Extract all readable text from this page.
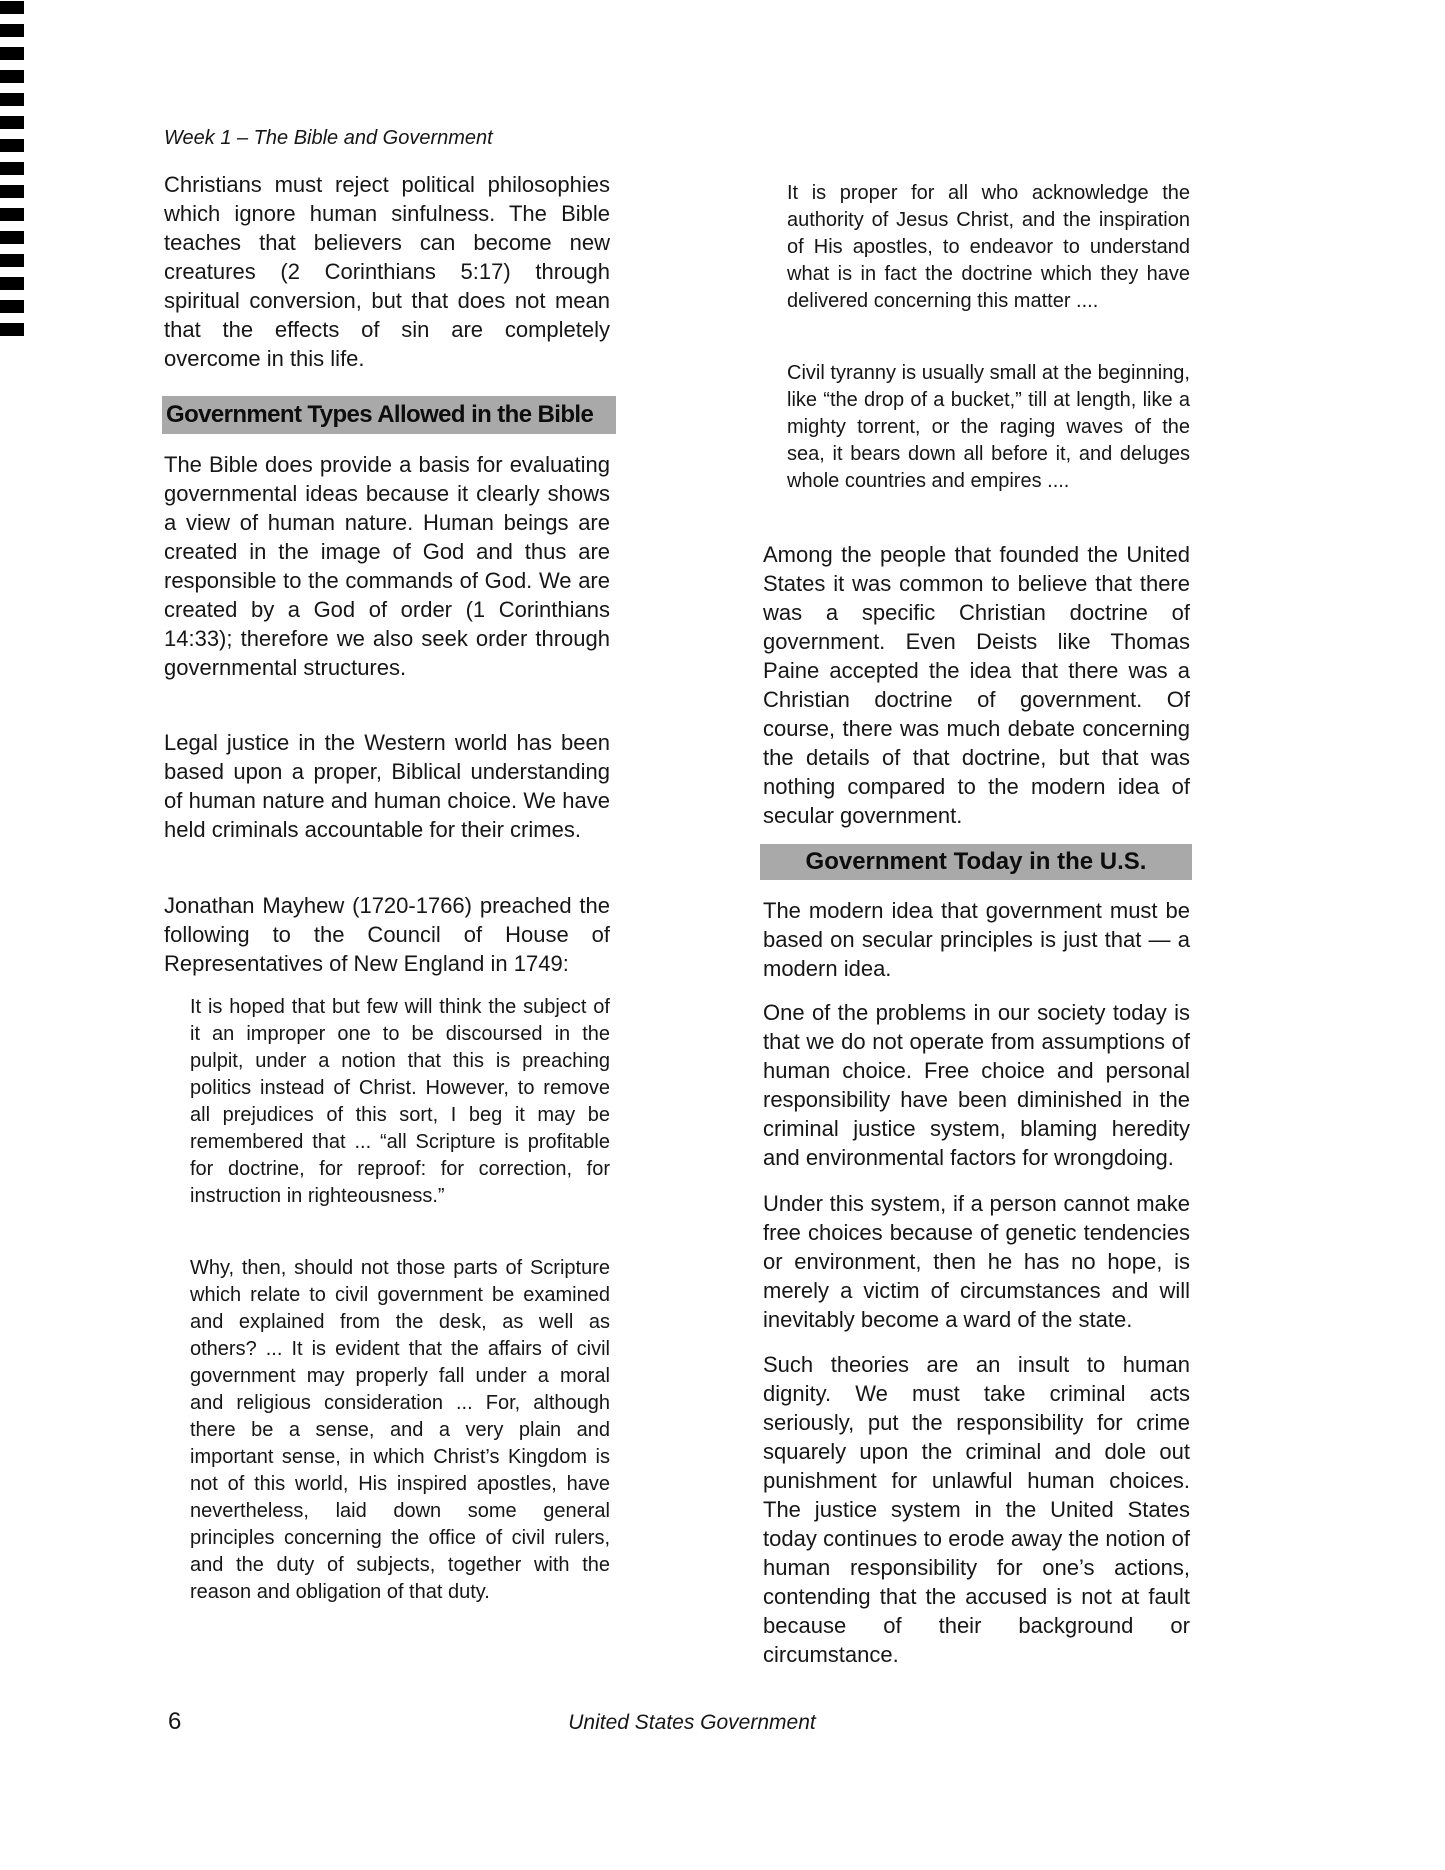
Week 1 – The Bible and Government
Christians must reject political philosophies which ignore human sinfulness. The Bible teaches that believers can become new creatures (2 Corinthians 5:17) through spiritual conversion, but that does not mean that the effects of sin are completely overcome in this life.
Government Types Allowed in the Bible
The Bible does provide a basis for evaluating governmental ideas because it clearly shows a view of human nature. Human beings are created in the image of God and thus are responsible to the commands of God. We are created by a God of order (1 Corinthians 14:33); therefore we also seek order through governmental structures.
Legal justice in the Western world has been based upon a proper, Biblical understanding of human nature and human choice. We have held criminals accountable for their crimes.
Jonathan Mayhew (1720-1766) preached the following to the Council of House of Representatives of New England in 1749:
It is hoped that but few will think the subject of it an improper one to be discoursed in the pulpit, under a notion that this is preaching politics instead of Christ. However, to remove all prejudices of this sort, I beg it may be remembered that ... “all Scripture is profitable for doctrine, for reproof: for correction, for instruction in righteousness.”
Why, then, should not those parts of Scripture which relate to civil government be examined and explained from the desk, as well as others? ... It is evident that the affairs of civil government may properly fall under a moral and religious consideration ... For, although there be a sense, and a very plain and important sense, in which Christ’s Kingdom is not of this world, His inspired apostles, have nevertheless, laid down some general principles concerning the office of civil rulers, and the duty of subjects, together with the reason and obligation of that duty.
It is proper for all who acknowledge the authority of Jesus Christ, and the inspiration of His apostles, to endeavor to understand what is in fact the doctrine which they have delivered concerning this matter ....
Civil tyranny is usually small at the beginning, like “the drop of a bucket,” till at length, like a mighty torrent, or the raging waves of the sea, it bears down all before it, and deluges whole countries and empires ....
Among the people that founded the United States it was common to believe that there was a specific Christian doctrine of government. Even Deists like Thomas Paine accepted the idea that there was a Christian doctrine of government. Of course, there was much debate concerning the details of that doctrine, but that was nothing compared to the modern idea of secular government.
Government Today in the U.S.
The modern idea that government must be based on secular principles is just that — a modern idea.
One of the problems in our society today is that we do not operate from assumptions of human choice. Free choice and personal responsibility have been diminished in the criminal justice system, blaming heredity and environmental factors for wrongdoing.
Under this system, if a person cannot make free choices because of genetic tendencies or environment, then he has no hope, is merely a victim of circumstances and will inevitably become a ward of the state.
Such theories are an insult to human dignity. We must take criminal acts seriously, put the responsibility for crime squarely upon the criminal and dole out punishment for unlawful human choices. The justice system in the United States today continues to erode away the notion of human responsibility for one’s actions, contending that the accused is not at fault because of their background or circumstance.
6	United States Government
